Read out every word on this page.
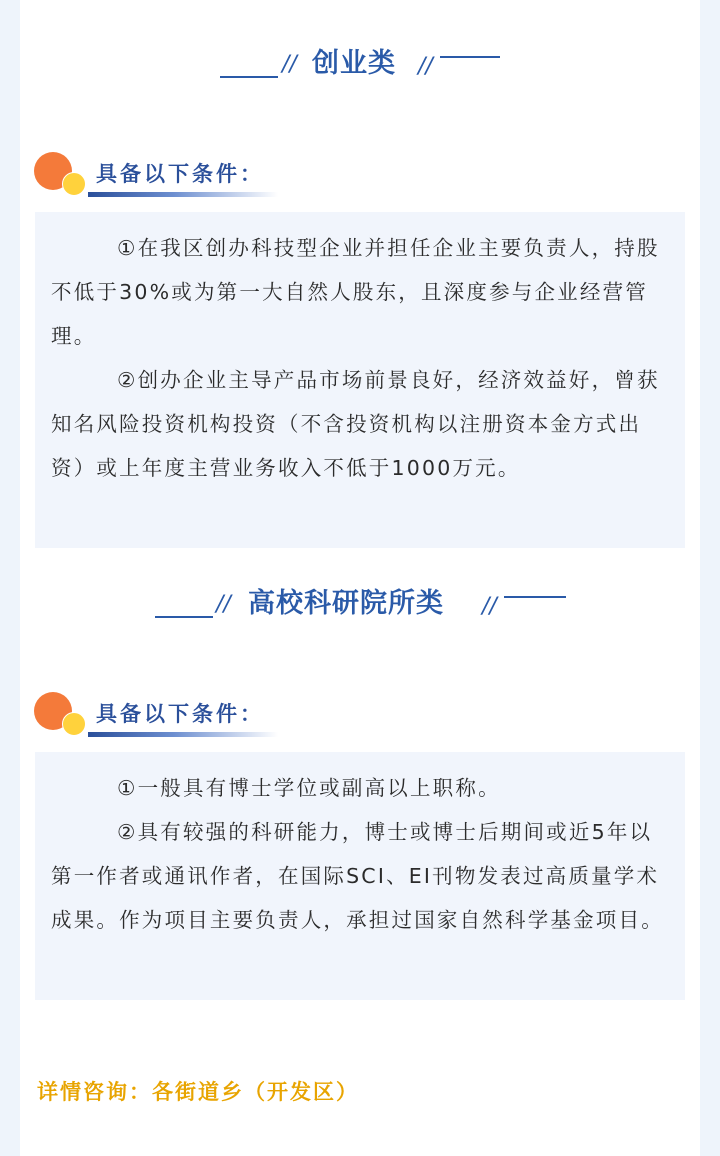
// 创业类 //
具备以下条件：

①在我区创办科技型企业并担任企业主要负责人，持股不低于30%或为第一大自然人股东，且深度参与企业经营管理。

②创办企业主导产品市场前景良好，经济效益好，曾获知名风险投资机构投资（不含投资机构以注册资本金方式出资）或上年度主营业务收入不低于1000万元。

// 高校科研院所类 //
具备以下条件：

①一般具有博士学位或副高以上职称。

②具有较强的科研能力，博士或博士后期间或近5年以第一作者或通讯作者，在国际SCI、EI刊物发表过高质量学术成果。作为项目主要负责人，承担过国家自然科学基金项目。

详情咨询：各街道乡（开发区）
